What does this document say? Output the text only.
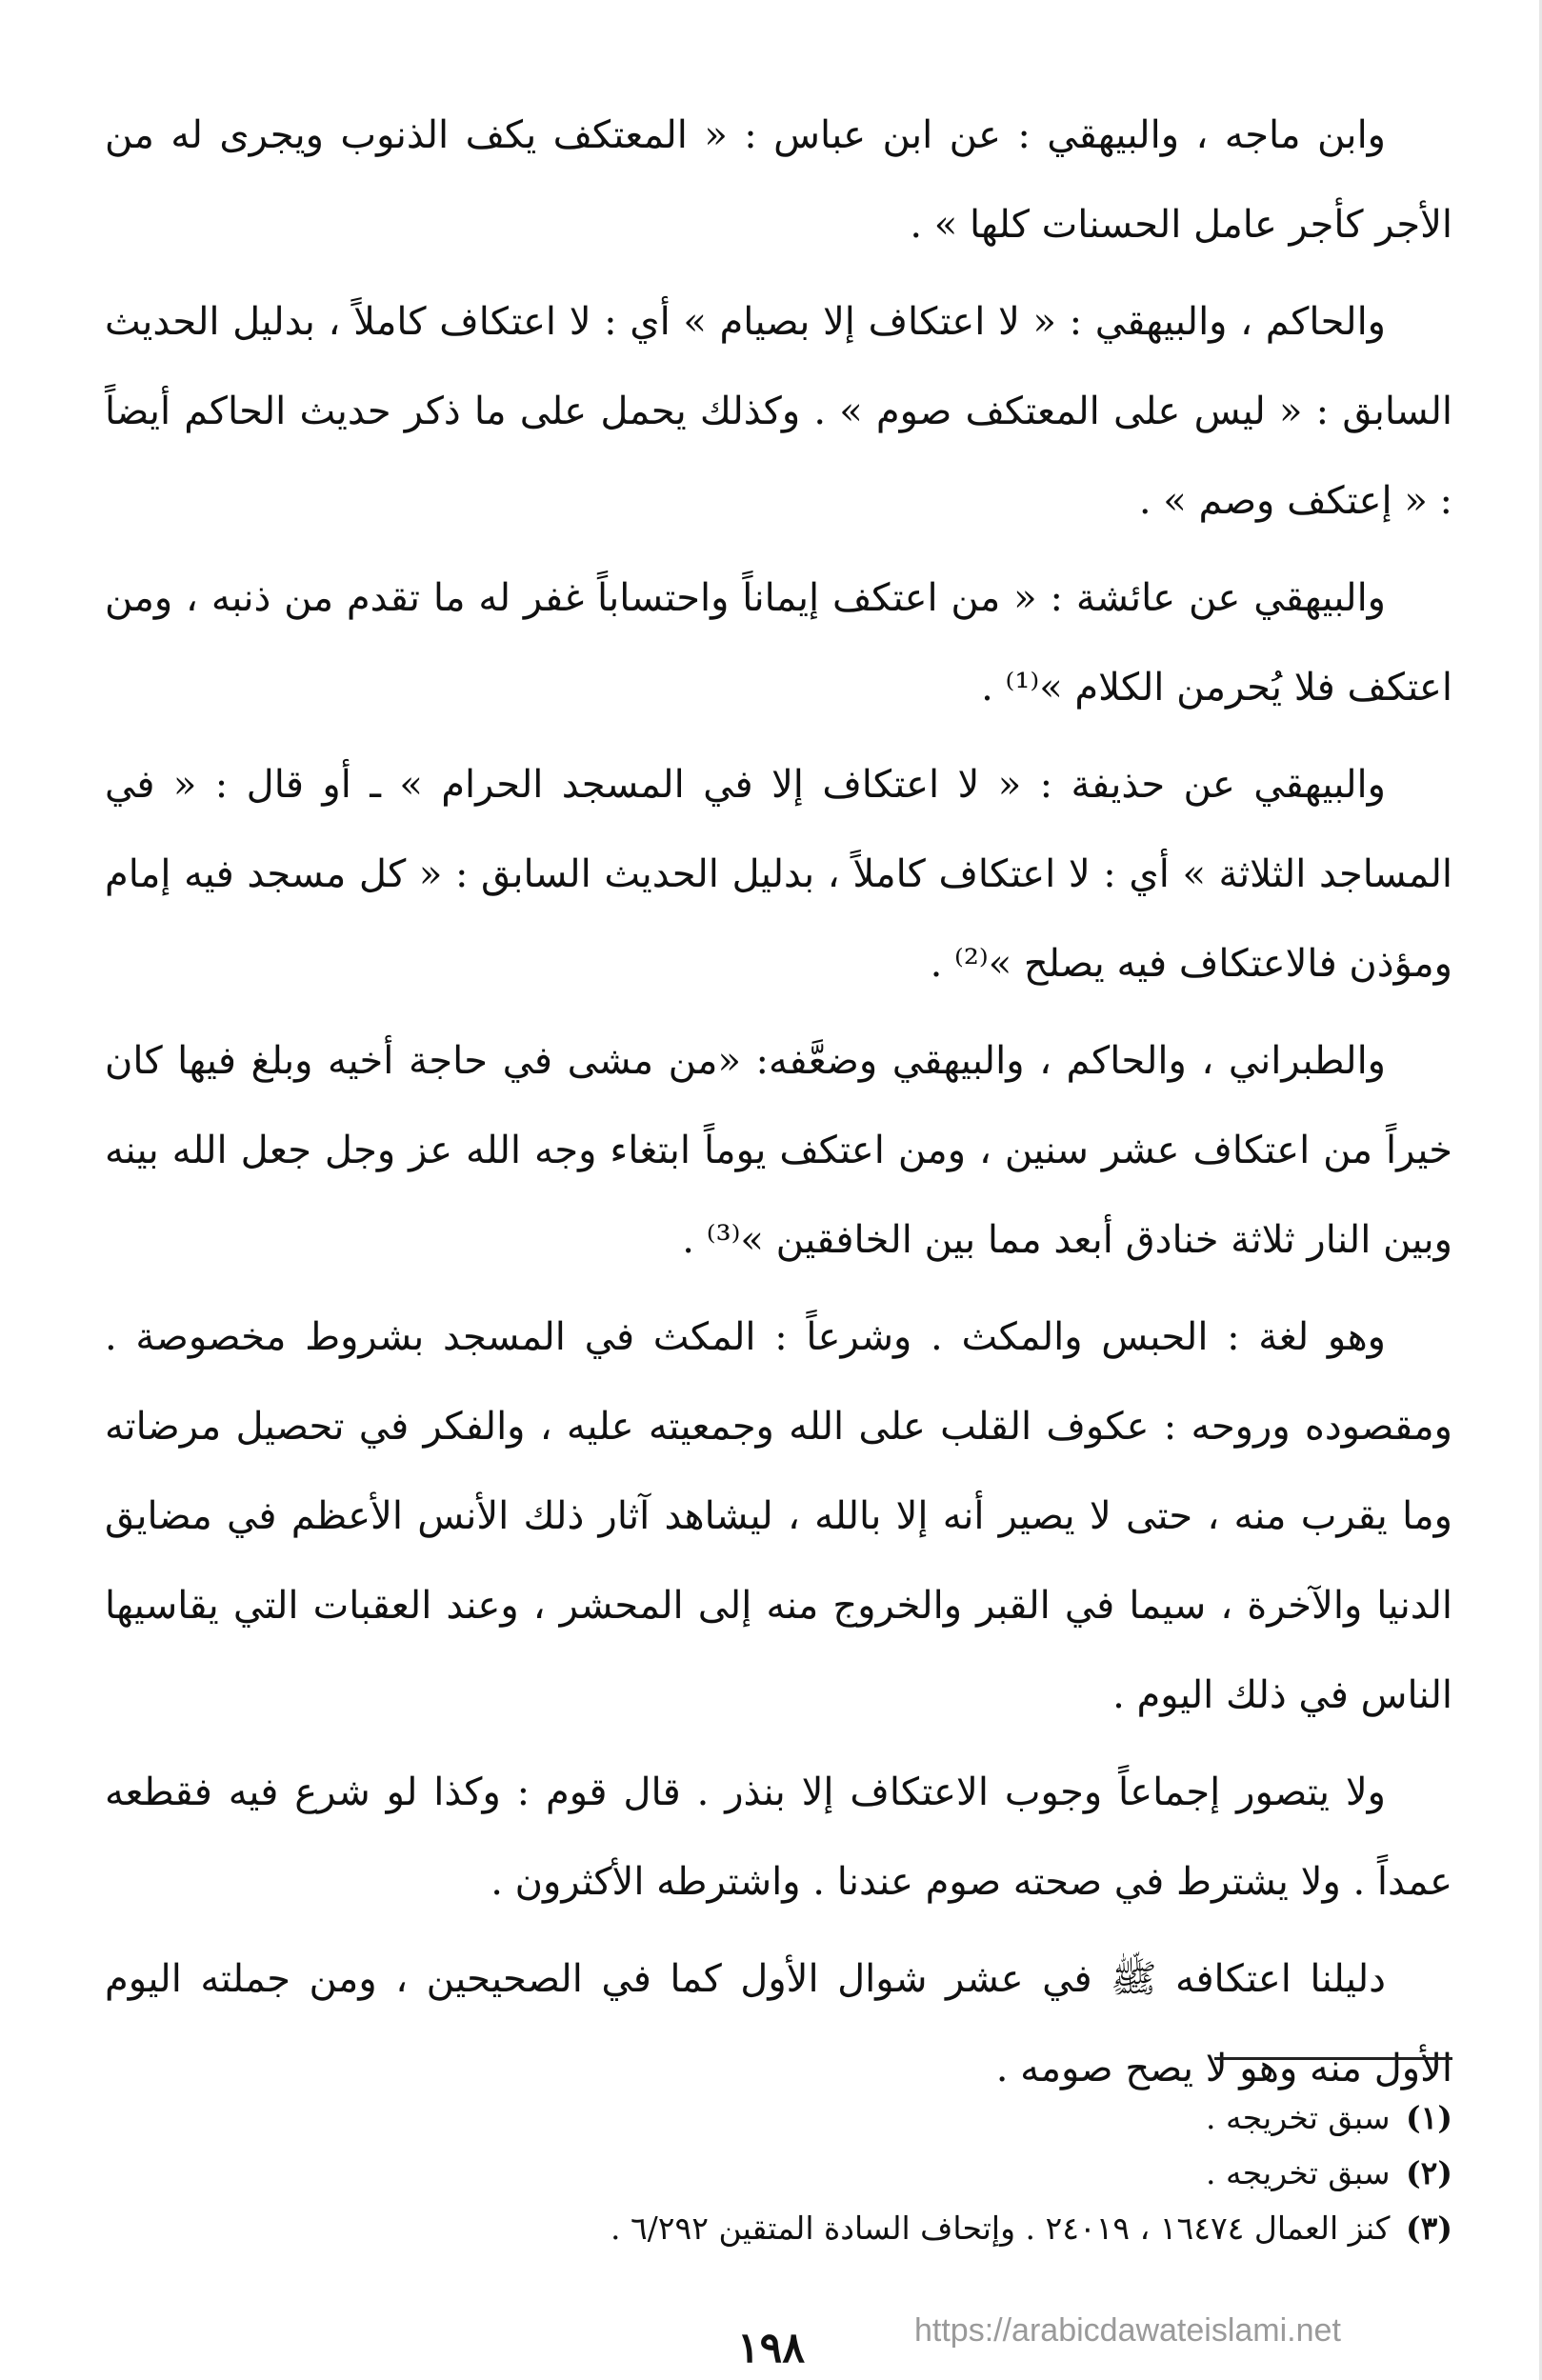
وابن ماجه ، والبيهقي : عن ابن عباس : « المعتكف يكف الذنوب ويجرى له من الأجر كأجر عامل الحسنات كلها » .

والحاكم ، والبيهقي : « لا اعتكاف إلا بصيام » أي : لا اعتكاف كاملاً ، بدليل الحديث السابق : « ليس على المعتكف صوم » . وكذلك يحمل على ما ذكر حديث الحاكم أيضاً : « إعتكف وصم » .

والبيهقي عن عائشة : « من اعتكف إيماناً واحتساباً غفر له ما تقدم من ذنبه ، ومن اعتكف فلا يُحرمن الكلام »⁽¹⁾ .

والبيهقي عن حذيفة : « لا اعتكاف إلا في المسجد الحرام » ـ أو قال : « في المساجد الثلاثة » أي : لا اعتكاف كاملاً ، بدليل الحديث السابق : « كل مسجد فيه إمام ومؤذن فالاعتكاف فيه يصلح »⁽²⁾ .

والطبراني ، والحاكم ، والبيهقي وضعَّفه: «من مشى في حاجة أخيه وبلغ فيها كان خيراً من اعتكاف عشر سنين ، ومن اعتكف يوماً ابتغاء وجه الله عز وجل جعل الله بينه وبين النار ثلاثة خنادق أبعد مما بين الخافقين »⁽³⁾ .

وهو لغة : الحبس والمكث . وشرعاً : المكث في المسجد بشروط مخصوصة . ومقصوده وروحه : عكوف القلب على الله وجمعيته عليه ، والفكر في تحصيل مرضاته وما يقرب منه ، حتى لا يصير أنه إلا بالله ، ليشاهد آثار ذلك الأنس الأعظم في مضايق الدنيا والآخرة ، سيما في القبر والخروج منه إلى المحشر ، وعند العقبات التي يقاسيها الناس في ذلك اليوم .

ولا يتصور إجماعاً وجوب الاعتكاف إلا بنذر . قال قوم : وكذا لو شرع فيه فقطعه عمداً . ولا يشترط في صحته صوم عندنا . واشترطه الأكثرون .

دليلنا اعتكافه ﷺ في عشر شوال الأول كما في الصحيحين ، ومن جملته اليوم الأول منه وهو لا يصح صومه .

(١) سبق تخريجه .

(٢) سبق تخريجه .

(٣) كنز العمال ١٦٤٧٤ ، ٢٤٠١٩ . وإتحاف السادة المتقين ٦/٢٩٢ .

١٩٨	https://arabicdawateislami.net
